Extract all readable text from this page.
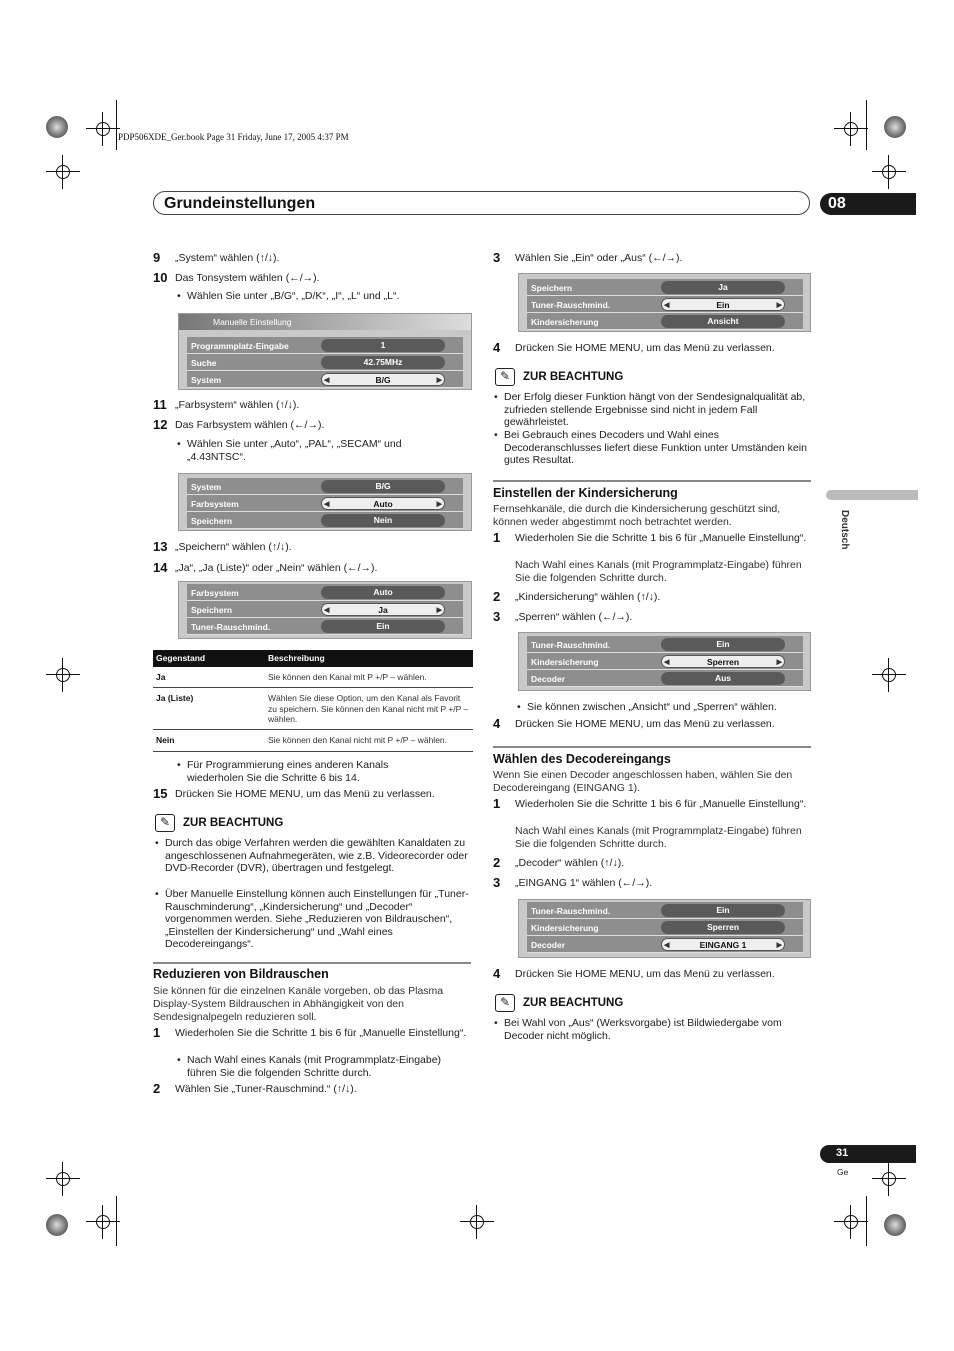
PDP506XDE_Ger.book Page 31 Friday, June 17, 2005 4:37 PM
Grundeinstellungen	08
Deutsch
31
Ge
9 „System“ wählen (↑/↓).
10 Das Tonsystem wählen (←/→).
• Wählen Sie unter „B/G“, „D/K“, „I“, „L“ und „L“.
Manuelle Einstellung
Programmplatz-Eingabe	1
Suche	42.75MHz
System	◀ B/G ▶
11 „Farbsystem“ wählen (↑/↓).
12 Das Farbsystem wählen (←/→).
• Wählen Sie unter „Auto“, „PAL“, „SECAM“ und „4.43NTSC“.
System	B/G
Farbsystem	◀ Auto ▶
Speichern	Nein
13 „Speichern“ wählen (↑/↓).
14 „Ja“, „Ja (Liste)“ oder „Nein“ wählen (←/→).
Farbsystem	Auto
Speichern	◀ Ja ▶
Tuner-Rauschmind.	Ein
Gegenstand	Beschreibung
Ja	Sie können den Kanal mit P +/P – wählen.
Ja (Liste)	Wählen Sie diese Option, um den Kanal als Favorit zu speichern. Sie können den Kanal nicht mit P +/P – wählen.
Nein	Sie können den Kanal nicht mit P +/P – wählen.
• Für Programmierung eines anderen Kanals wiederholen Sie die Schritte 6 bis 14.
15 Drücken Sie HOME MENU, um das Menü zu verlassen.
✎
ZUR BEACHTUNG
• Durch das obige Verfahren werden die gewählten Kanaldaten zu angeschlossenen Aufnahmegeräten, wie z.B. Videorecorder oder DVD-Recorder (DVR), übertragen und festgelegt.
• Über Manuelle Einstellung können auch Einstellungen für „Tuner-Rauschminderung“, „Kindersicherung“ und „Decoder“ vorgenommen werden. Siehe „Reduzieren von Bildrauschen“, „Einstellen der Kindersicherung“ und „Wahl eines Decodereingangs“.
Reduzieren von Bildrauschen
Sie können für die einzelnen Kanäle vorgeben, ob das Plasma Display-System Bildrauschen in Abhängigkeit von den Sendesignalpegeln reduzieren soll.
1 Wiederholen Sie die Schritte 1 bis 6 für „Manuelle Einstellung“.
• Nach Wahl eines Kanals (mit Programmplatz-Eingabe) führen Sie die folgenden Schritte durch.
2 Wählen Sie „Tuner-Rauschmind.“ (↑/↓).
3 Wählen Sie „Ein“ oder „Aus“ (←/→).
Speichern	Ja
Tuner-Rauschmind.	◀ Ein ▶
Kindersicherung	Ansicht
4 Drücken Sie HOME MENU, um das Menü zu verlassen.
✎
ZUR BEACHTUNG
• Der Erfolg dieser Funktion hängt von der Sendesignalqualität ab, zufrieden stellende Ergebnisse sind nicht in jedem Fall gewährleistet.
• Bei Gebrauch eines Decoders und Wahl eines Decoderanschlusses liefert diese Funktion unter Umständen kein gutes Resultat.
Einstellen der Kindersicherung
Fernsehkanäle, die durch die Kindersicherung geschützt sind, können weder abgestimmt noch betrachtet werden.
1 Wiederholen Sie die Schritte 1 bis 6 für „Manuelle Einstellung“.
Nach Wahl eines Kanals (mit Programmplatz-Eingabe) führen Sie die folgenden Schritte durch.
2 „Kindersicherung“ wählen (↑/↓).
3 „Sperren“ wählen (←/→).
Tuner-Rauschmind.	Ein
Kindersicherung	◀ Sperren ▶
Decoder	Aus
• Sie können zwischen „Ansicht“ und „Sperren“ wählen.
4 Drücken Sie HOME MENU, um das Menü zu verlassen.
Wählen des Decodereingangs
Wenn Sie einen Decoder angeschlossen haben, wählen Sie den Decodereingang (EINGANG 1).
1 Wiederholen Sie die Schritte 1 bis 6 für „Manuelle Einstellung“.
Nach Wahl eines Kanals (mit Programmplatz-Eingabe) führen Sie die folgenden Schritte durch.
2 „Decoder“ wählen (↑/↓).
3 „EINGANG 1“ wählen (←/→).
Tuner-Rauschmind.	Ein
Kindersicherung	Sperren
Decoder	◀ EINGANG 1 ▶
4 Drücken Sie HOME MENU, um das Menü zu verlassen.
✎
ZUR BEACHTUNG
• Bei Wahl von „Aus“ (Werksvorgabe) ist Bildwiedergabe vom Decoder nicht möglich.
